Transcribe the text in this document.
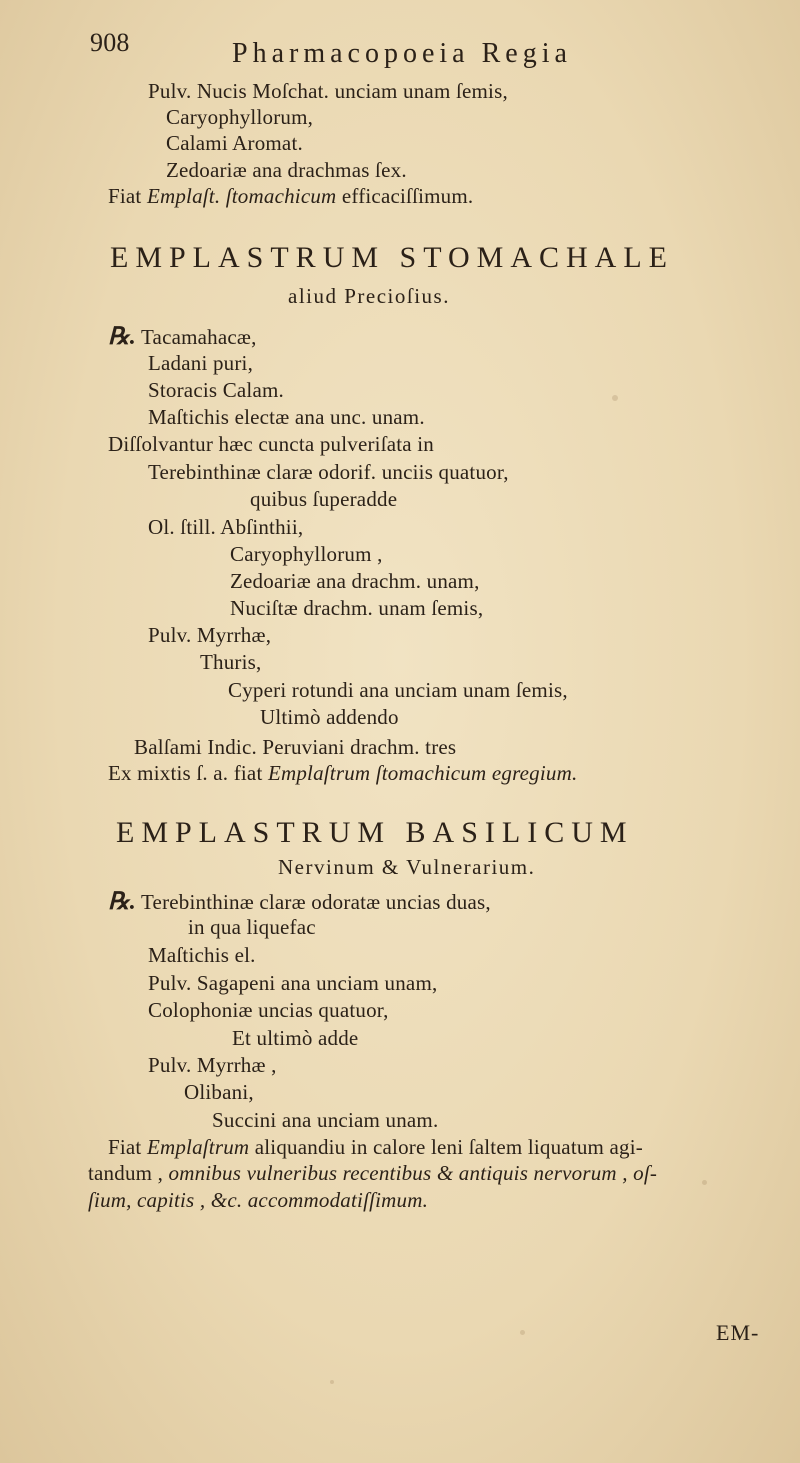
908	Pharmacopoeia Regia
Pulv. Nucis Moſchat. unciam unam ſemis,
Caryophyllorum,
Calami Aromat.
Zedoariæ ana drachmas ſex.
Fiat Emplaſt. ſtomachicum efficaciſſimum.
EMPLASTRUM STOMACHALE
aliud Precioſius.
℞. Tacamahacæ,
Ladani puri,
Storacis Calam.
Maſtichis electæ ana unc. unam.
Diſſolvantur hæc cuncta pulveriſata in
Terebinthinæ claræ odorif. unciis quatuor,
quibus ſuperadde
Ol. ſtill. Abſinthii,
Caryophyllorum ,
Zedoariæ ana drachm. unam,
Nuciſtæ drachm. unam ſemis,
Pulv. Myrrhæ,
Thuris,
Cyperi rotundi ana unciam unam ſemis,
Ultimò addendo
Balſami Indic. Peruviani drachm. tres
Ex mixtis ſ. a. fiat Emplaſtrum ſtomachicum egregium.
EMPLASTRUM BASILICUM
Nervinum & Vulnerarium.
℞. Terebinthinæ claræ odoratæ uncias duas,
in qua liquefac
Maſtichis el.
Pulv. Sagapeni ana unciam unam,
Colophoniæ uncias quatuor,
Et ultimò adde
Pulv. Myrrhæ ,
Olibani,
Succini ana unciam unam.
Fiat Emplaſtrum aliquandiu in calore leni ſaltem liquatum agi-
tandum , omnibus vulneribus recentibus & antiquis nervorum , oſ-
ſium, capitis , &c. accommodatiſſimum.
EM-
